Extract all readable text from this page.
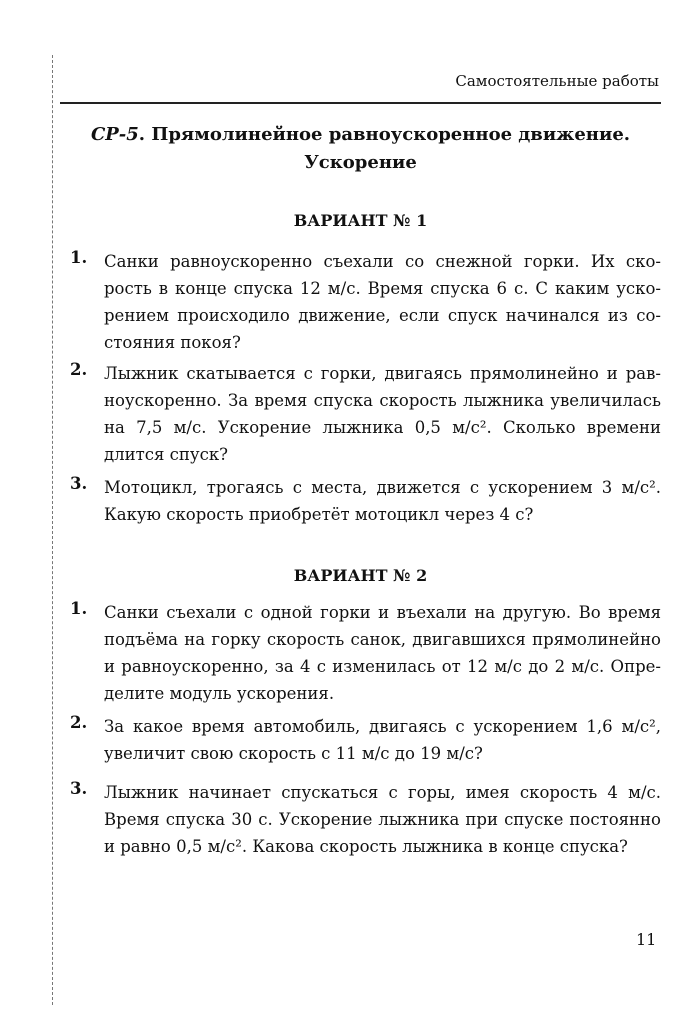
Самостоятельные работы
СР-5. Прямолинейное равноускоренное движение.
Ускорение
ВАРИАНТ № 1
1. Санки равноускоренно съехали со снежной горки. Их ско-
рость в конце спуска 12 м/с. Время спуска 6 с. С каким уско-
рением происходило движение, если спуск начинался из со-
стояния покоя?
2. Лыжник скатывается с горки, двигаясь прямолинейно и рав-
ноускоренно. За время спуска скорость лыжника увеличилась
на 7,5 м/с. Ускорение лыжника 0,5 м/с². Сколько времени
длится спуск?
3. Мотоцикл, трогаясь с места, движется с ускорением 3 м/с².
Какую скорость приобретёт мотоцикл через 4 с?
ВАРИАНТ № 2
1. Санки съехали с одной горки и въехали на другую. Во время
подъёма на горку скорость санок, двигавшихся прямолинейно
и равноускоренно, за 4 с изменилась от 12 м/с до 2 м/с. Опре-
делите модуль ускорения.
2. За какое время автомобиль, двигаясь с ускорением 1,6 м/с²,
увеличит свою скорость с 11 м/с до 19 м/с?
3. Лыжник начинает спускаться с горы, имея скорость 4 м/с.
Время спуска 30 с. Ускорение лыжника при спуске постоянно
и равно 0,5 м/с². Какова скорость лыжника в конце спуска?
11
